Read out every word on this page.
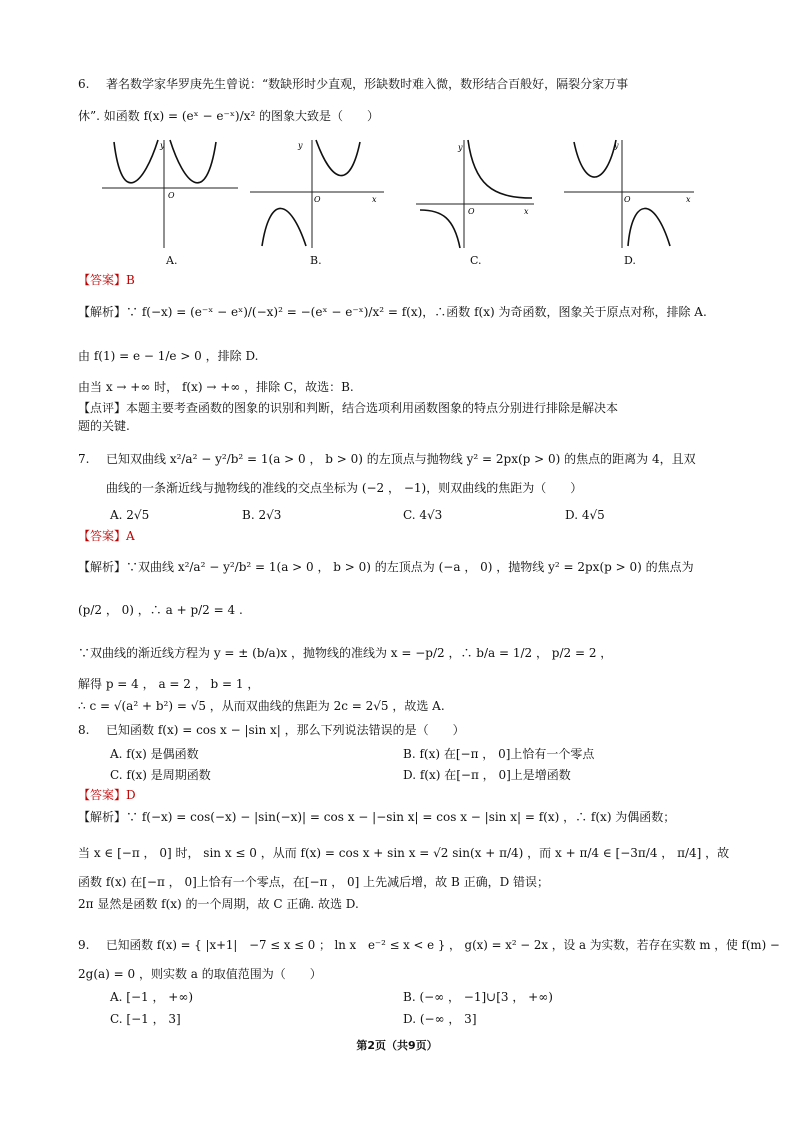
6. 著名数学家华罗庚先生曾说：“数缺形时少直观，形缺数时难入微，数形结合百般好，隔裂分家万事
休”. 如函数 f(x) = (eˣ − e⁻ˣ)/x² 的图象大致是（　　）
y
O
A.
y
O	x
B.
y
O	x
C.
y
O	x
D.
【答案】B
【解析】∵ f(−x) = (e⁻ˣ − eˣ)/(−x)² = −(eˣ − e⁻ˣ)/x² = f(x)，∴函数 f(x) 为奇函数，图象关于原点对称，排除 A.
由 f(1) = e − 1/e > 0 ，排除 D.
由当 x → +∞ 时， f(x) → +∞ ，排除 C，故选：B.
【点评】本题主要考查函数的图象的识别和判断，结合选项利用函数图象的特点分别进行排除是解决本
题的关键.
7. 已知双曲线 x²/a² − y²/b² = 1(a > 0 ， b > 0) 的左顶点与抛物线 y² = 2px(p > 0) 的焦点的距离为 4，且双
曲线的一条渐近线与抛物线的准线的交点坐标为 (−2 ， −1)，则双曲线的焦距为（　　）
A. 2√5	B. 2√3	C. 4√3	D. 4√5
【答案】A
【解析】∵双曲线 x²/a² − y²/b² = 1(a > 0 ， b > 0) 的左顶点为 (−a ， 0) ，抛物线 y² = 2px(p > 0) 的焦点为
(p/2 ， 0) ，∴ a + p/2 = 4 .
∵双曲线的渐近线方程为 y = ± (b/a)x ，抛物线的准线为 x = −p/2 ，∴ b/a = 1/2 ， p/2 = 2 ，
解得 p = 4 ， a = 2 ， b = 1 ，
∴ c = √(a² + b²) = √5 ，从而双曲线的焦距为 2c = 2√5 ，故选 A.
8. 已知函数 f(x) = cos x − |sin x| ，那么下列说法错误的是（　　）
A. f(x) 是偶函数	B. f(x) 在[−π ， 0]上恰有一个零点
C. f(x) 是周期函数	D. f(x) 在[−π ， 0]上是增函数
【答案】D
【解析】∵ f(−x) = cos(−x) − |sin(−x)| = cos x − |−sin x| = cos x − |sin x| = f(x) ，∴ f(x) 为偶函数；
当 x ∈ [−π ， 0] 时， sin x ≤ 0 ，从而 f(x) = cos x + sin x = √2 sin(x + π/4) ，而 x + π/4 ∈ [−3π/4 ， π/4] ，故
函数 f(x) 在[−π ， 0]上恰有一个零点，在[−π ， 0] 上先减后增，故 B 正确，D 错误；
2π 显然是函数 f(x) 的一个周期，故 C 正确. 故选 D.
9. 已知函数 f(x) = { |x+1|　−7 ≤ x ≤ 0 ； ln x　e⁻² ≤ x < e } ， g(x) = x² − 2x ，设 a 为实数，若存在实数 m ，使 f(m) −
2g(a) = 0 ，则实数 a 的取值范围为（　　）
A. [−1 ， +∞)	B. (−∞ ， −1]∪[3 ， +∞)
C. [−1 ， 3]	D. (−∞ ， 3]
第2页（共9页）
